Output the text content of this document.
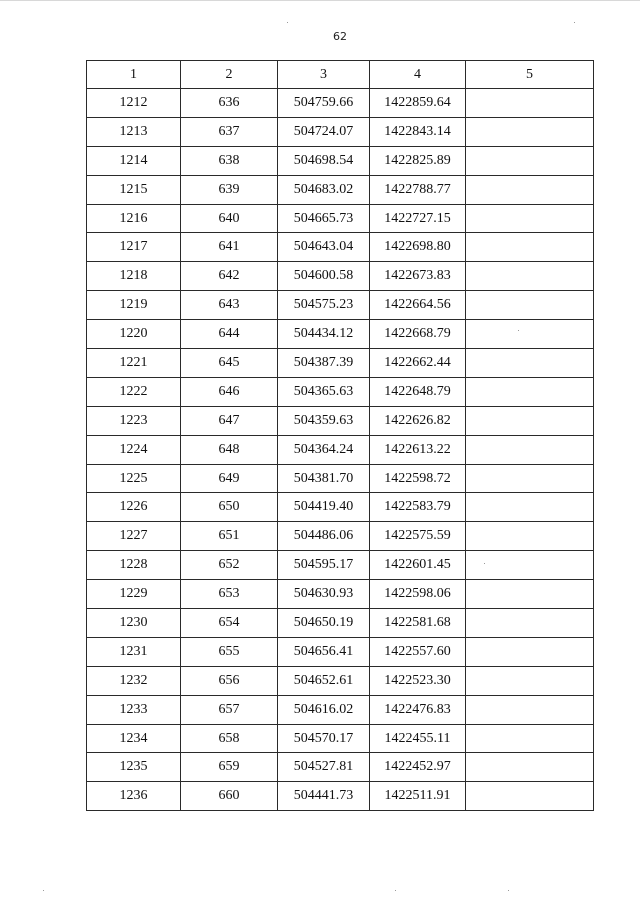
62
1	2	3	4	5
1212	636	504759.66	1422859.64	
1213	637	504724.07	1422843.14	
1214	638	504698.54	1422825.89	
1215	639	504683.02	1422788.77	
1216	640	504665.73	1422727.15	
1217	641	504643.04	1422698.80	
1218	642	504600.58	1422673.83	
1219	643	504575.23	1422664.56	
1220	644	504434.12	1422668.79	
1221	645	504387.39	1422662.44	
1222	646	504365.63	1422648.79	
1223	647	504359.63	1422626.82	
1224	648	504364.24	1422613.22	
1225	649	504381.70	1422598.72	
1226	650	504419.40	1422583.79	
1227	651	504486.06	1422575.59	
1228	652	504595.17	1422601.45	
1229	653	504630.93	1422598.06	
1230	654	504650.19	1422581.68	
1231	655	504656.41	1422557.60	
1232	656	504652.61	1422523.30	
1233	657	504616.02	1422476.83	
1234	658	504570.17	1422455.11	
1235	659	504527.81	1422452.97	
1236	660	504441.73	1422511.91	
